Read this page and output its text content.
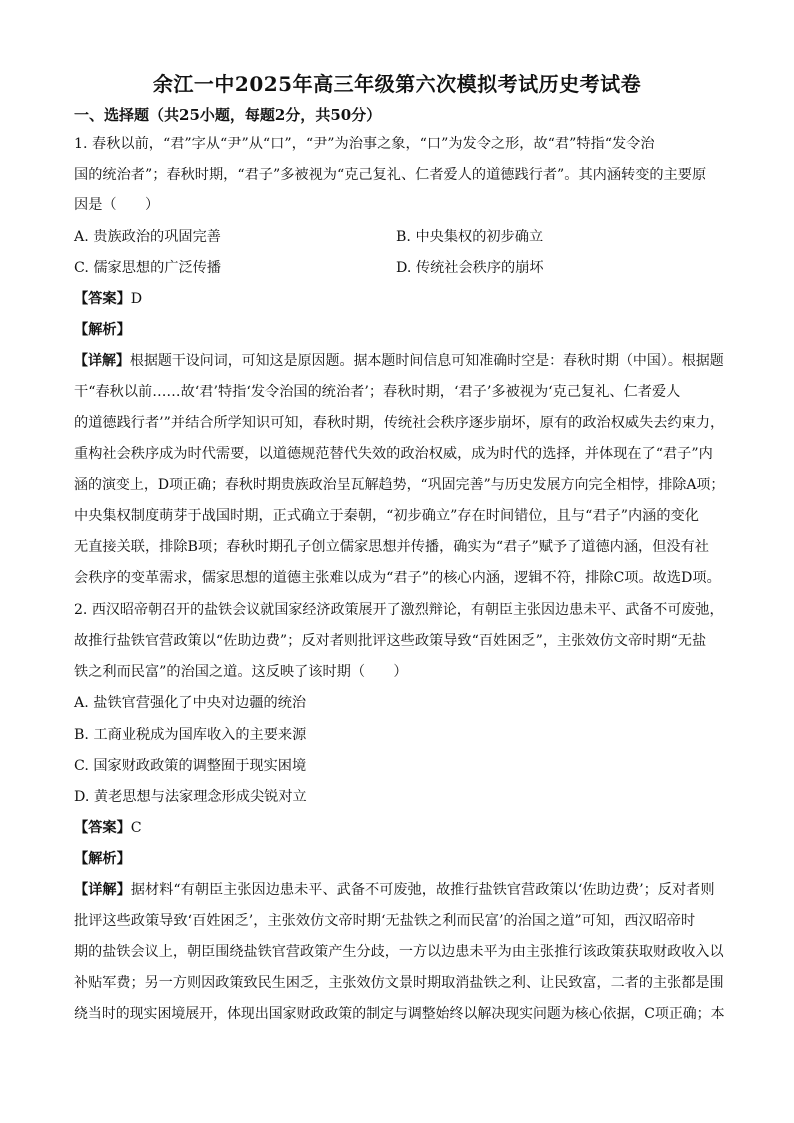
余江一中2025年高三年级第六次模拟考试历史考试卷
一、选择题（共25小题，每题2分，共50分）
1. 春秋以前，“君”字从“尹”从“口”，“尹”为治事之象，“口”为发令之形，故“君”特指“发令治
国的统治者”；春秋时期，“君子”多被视为“克己复礼、仁者爱人的道德践行者”。其内涵转变的主要原
因是（　　）
A. 贵族政治的巩固完善	B. 中央集权的初步确立
C. 儒家思想的广泛传播	D. 传统社会秩序的崩坏
【答案】D
【解析】
【详解】根据题干设问词，可知这是原因题。据本题时间信息可知准确时空是：春秋时期（中国）。根据题
干“春秋以前……故‘君’特指‘发令治国的统治者’；春秋时期，‘君子’多被视为‘克己复礼、仁者爱人
的道德践行者’”并结合所学知识可知，春秋时期，传统社会秩序逐步崩坏，原有的政治权威失去约束力，
重构社会秩序成为时代需要，以道德规范替代失效的政治权威，成为时代的选择，并体现在了“君子”内
涵的演变上，D项正确；春秋时期贵族政治呈瓦解趋势，“巩固完善”与历史发展方向完全相悖，排除A项；
中央集权制度萌芽于战国时期，正式确立于秦朝，“初步确立”存在时间错位，且与“君子”内涵的变化
无直接关联，排除B项；春秋时期孔子创立儒家思想并传播，确实为“君子”赋予了道德内涵，但没有社
会秩序的变革需求，儒家思想的道德主张难以成为“君子”的核心内涵，逻辑不符，排除C项。故选D项。
2. 西汉昭帝朝召开的盐铁会议就国家经济政策展开了激烈辩论，有朝臣主张因边患未平、武备不可废弛，
故推行盐铁官营政策以“佐助边费”；反对者则批评这些政策导致“百姓困乏”，主张效仿文帝时期“无盐
铁之利而民富”的治国之道。这反映了该时期（　　）
A. 盐铁官营强化了中央对边疆的统治
B. 工商业税成为国库收入的主要来源
C. 国家财政政策的调整囿于现实困境
D. 黄老思想与法家理念形成尖锐对立
【答案】C
【解析】
【详解】据材料“有朝臣主张因边患未平、武备不可废弛，故推行盐铁官营政策以‘佐助边费’；反对者则
批评这些政策导致‘百姓困乏’，主张效仿文帝时期‘无盐铁之利而民富’的治国之道”可知，西汉昭帝时
期的盐铁会议上，朝臣围绕盐铁官营政策产生分歧，一方以边患未平为由主张推行该政策获取财政收入以
补贴军费；另一方则因政策致民生困乏，主张效仿文景时期取消盐铁之利、让民致富，二者的主张都是围
绕当时的现实困境展开，体现出国家财政政策的制定与调整始终以解决现实问题为核心依据，C项正确；本
